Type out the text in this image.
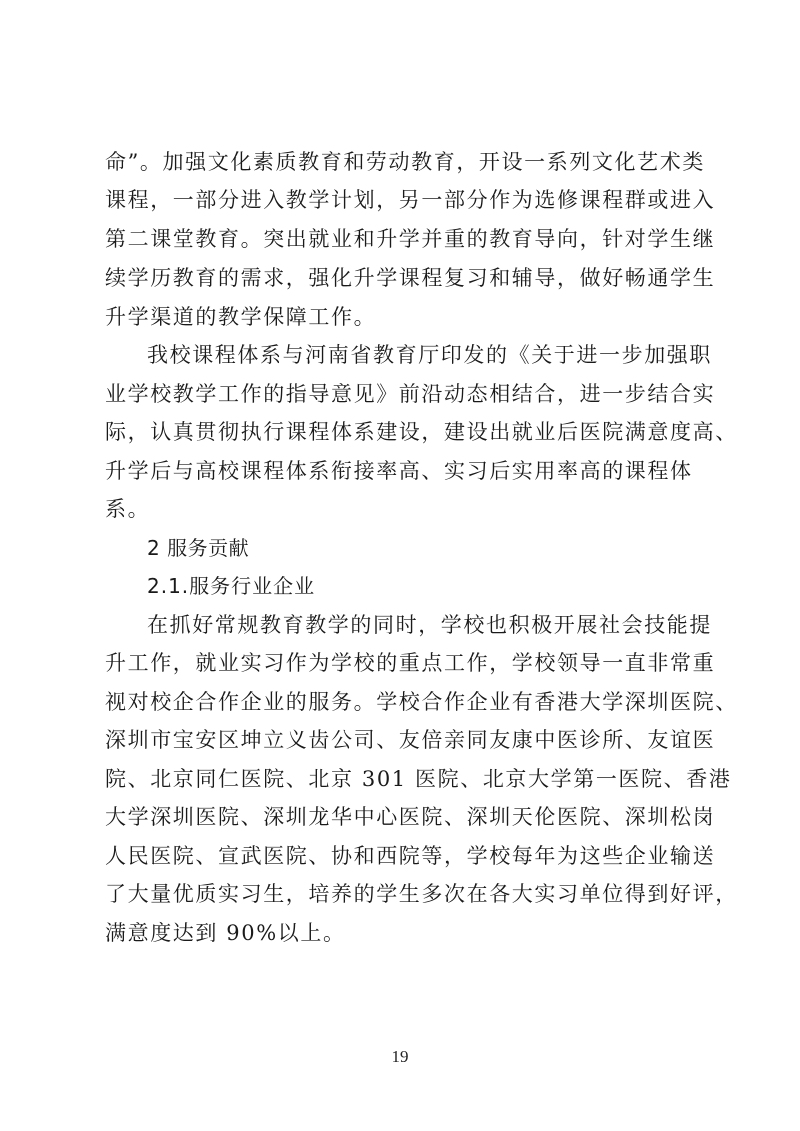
命”。加强文化素质教育和劳动教育，开设一系列文化艺术类
课程，一部分进入教学计划，另一部分作为选修课程群或进入
第二课堂教育。突出就业和升学并重的教育导向，针对学生继
续学历教育的需求，强化升学课程复习和辅导，做好畅通学生
升学渠道的教学保障工作。
我校课程体系与河南省教育厅印发的《关于进一步加强职
业学校教学工作的指导意见》前沿动态相结合，进一步结合实
际，认真贯彻执行课程体系建设，建设出就业后医院满意度高、
升学后与高校课程体系衔接率高、实习后实用率高的课程体
系。
2 服务贡献
2.1.服务行业企业
在抓好常规教育教学的同时，学校也积极开展社会技能提
升工作，就业实习作为学校的重点工作，学校领导一直非常重
视对校企合作企业的服务。学校合作企业有香港大学深圳医院、
深圳市宝安区坤立义齿公司、友倍亲同友康中医诊所、友谊医
院、北京同仁医院、北京 301 医院、北京大学第一医院、香港
大学深圳医院、深圳龙华中心医院、深圳天伦医院、深圳松岗
人民医院、宣武医院、协和西院等，学校每年为这些企业输送
了大量优质实习生，培养的学生多次在各大实习单位得到好评，
满意度达到 90%以上。
19
